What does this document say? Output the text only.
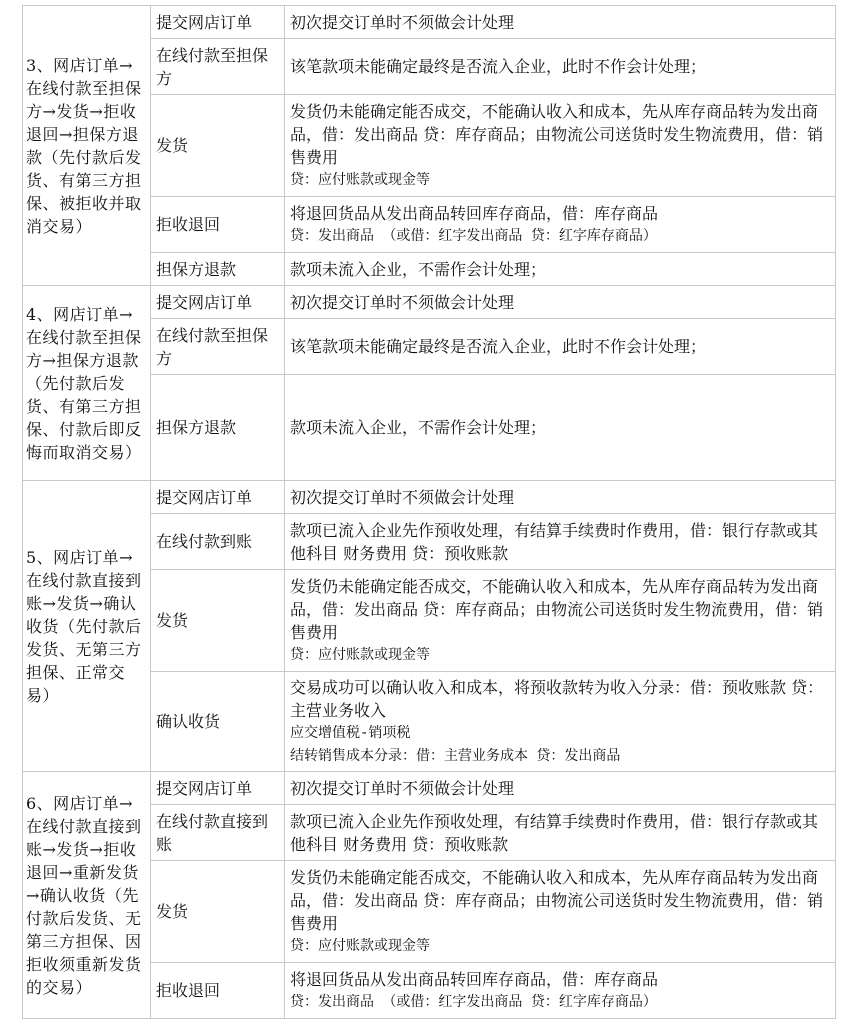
3、网店订单→在线付款至担保方→发货→拒收退回→担保方退款（先付款后发货、有第三方担保、被拒收并取消交易）	提交网店订单	初次提交订单时不须做会计处理

	在线付款至担保方	该笔款项未能确定最终是否流入企业，此时不作会计处理；

	发货	发货仍未能确定能否成交，不能确认收入和成本，先从库存商品转为发出商品，借：发出商品 贷：库存商品；由物流公司送货时发生物流费用，借：销售费用
贷：应付账款或现金等

	拒收退回	将退回货品从发出商品转回库存商品，借：库存商品
贷：发出商品 （或借：红字发出商品 贷：红字库存商品）

	担保方退款	款项未流入企业，不需作会计处理；

4、网店订单→在线付款至担保方→担保方退款（先付款后发货、有第三方担保、付款后即反悔而取消交易）	提交网店订单	初次提交订单时不须做会计处理

	在线付款至担保方	该笔款项未能确定最终是否流入企业，此时不作会计处理；

	担保方退款	款项未流入企业，不需作会计处理；

5、网店订单→在线付款直接到账→发货→确认收货（先付款后发货、无第三方担保、正常交易）	提交网店订单	初次提交订单时不须做会计处理

	在线付款到账	款项已流入企业先作预收处理，有结算手续费时作费用，借：银行存款或其他科目 财务费用 贷：预收账款

	发货	发货仍未能确定能否成交，不能确认收入和成本，先从库存商品转为发出商品，借：发出商品 贷：库存商品；由物流公司送货时发生物流费用，借：销售费用
贷：应付账款或现金等

	确认收货	交易成功可以确认收入和成本，将预收款转为收入分录：借：预收账款 贷：主营业务收入
应交增值税-销项税
结转销售成本分录：借：主营业务成本 贷：发出商品

6、网店订单→在线付款直接到账→发货→拒收退回→重新发货→确认收货（先付款后发货、无第三方担保、因拒收须重新发货的交易）	提交网店订单	初次提交订单时不须做会计处理

	在线付款直接到账	款项已流入企业先作预收处理，有结算手续费时作费用，借：银行存款或其他科目 财务费用 贷：预收账款

	发货	发货仍未能确定能否成交，不能确认收入和成本，先从库存商品转为发出商品，借：发出商品 贷：库存商品；由物流公司送货时发生物流费用，借：销售费用
贷：应付账款或现金等

	拒收退回	将退回货品从发出商品转回库存商品，借：库存商品
贷：发出商品 （或借：红字发出商品 贷：红字库存商品）
